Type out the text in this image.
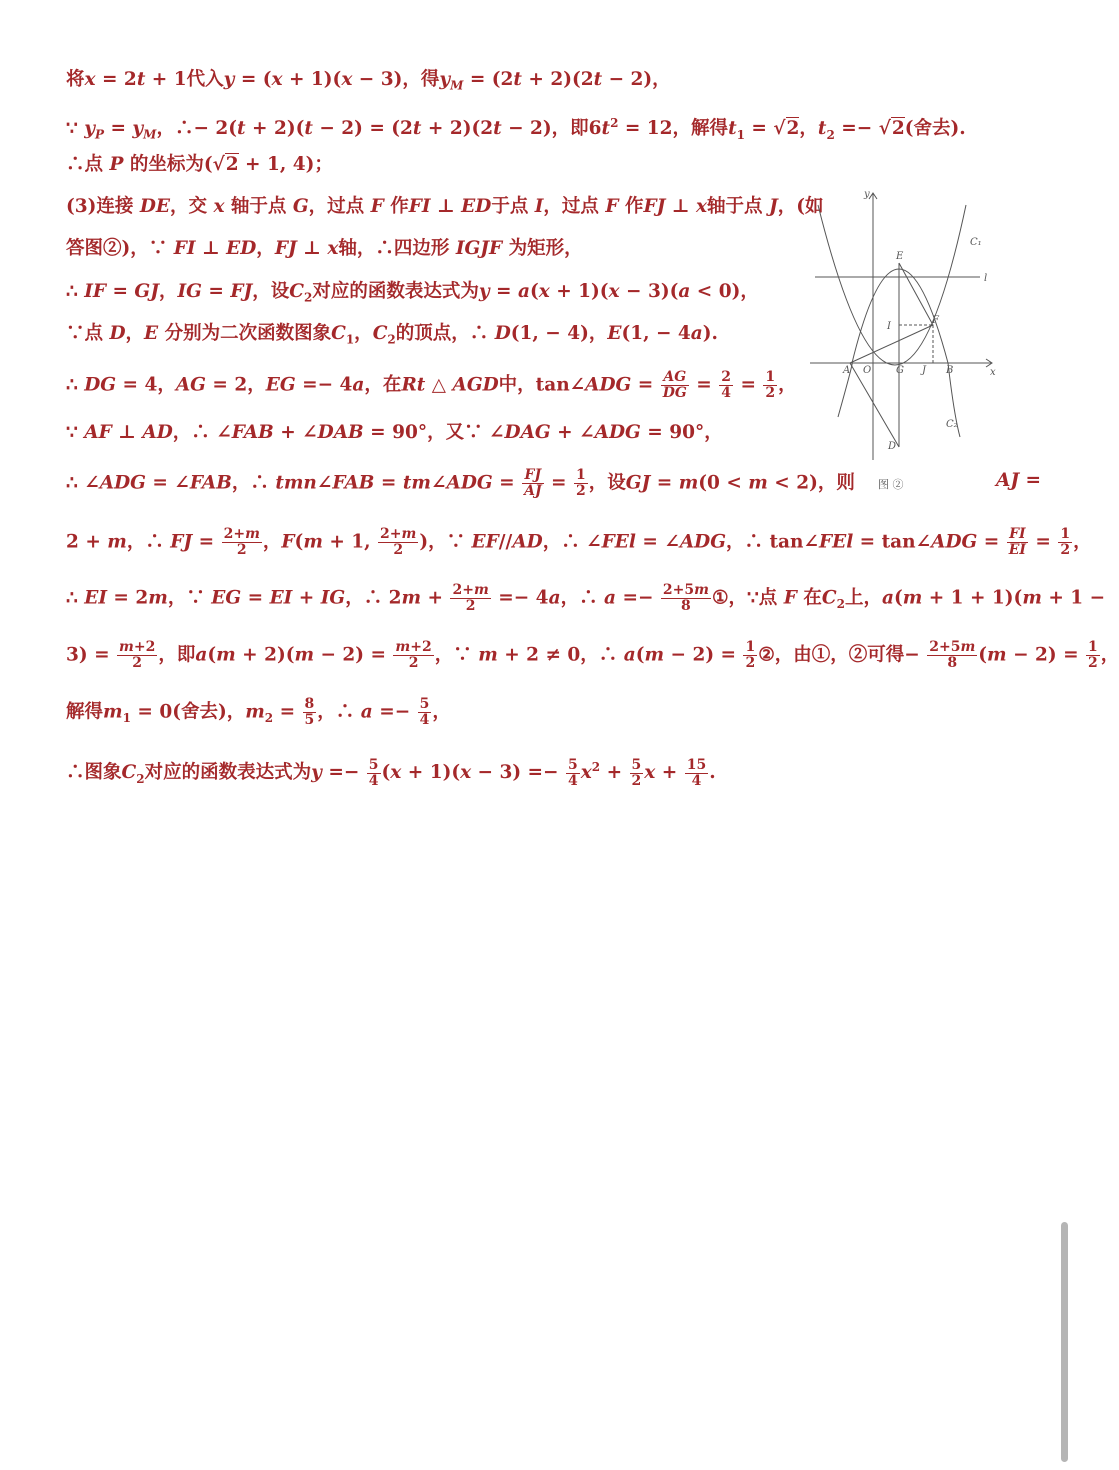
将x = 2t + 1代入y = (x + 1)(x − 3)，得$y_M = (2t + 2)(2t - 2)$，
∵ $y_P = y_M$，∴− 2(t + 2)(t − 2) = (2t + 2)(2t − 2)，即$6t^2 = 12$，解得$t_1 = √2$，$t_2 =- √2$(舍去).
∴点 P 的坐标为(√2 + 1, 4)；
(3)连接 DE，交 x 轴于点 G，过点 F 作FI ⊥ ED于点 I，过点 F 作FJ ⊥ x轴于点 J，(如
答图②)，∵ FI ⊥ ED，FJ ⊥ x轴，∴四边形 IGJF 为矩形，
∴ IF = GJ，IG = FJ，设$C_2$对应的函数表达式为y = a(x + 1)(x − 3)(a < 0)，
∵点 D，E 分别为二次函数图象$C_1$，$C_2$的顶点，∴ D(1, − 4)，E(1, − 4a).
∴ DG = 4，AG = 2，EG =− 4a，在Rt △ AGD中，tan∠ADG = $\frac{AG}{DG} = \frac{2}{4} = \frac{1}{2}$ ，
∵ AF ⊥ AD，∴ ∠FAB + ∠DAB = 90°，又∵ ∠DAG + ∠ADG = 90°，
∴ ∠ADG = ∠FAB，∴ tmn∠FAB = tm∠ADG = $\frac{FJ}{AJ} = \frac{1}{2}$ ，设GJ = m(0 < m < 2)，则	AJ =
2 + m，∴ FJ = $\frac{2+m}{2}$ ，F(m + 1, $\frac{2+m}{2}$ )，∵ EF//AD，∴ ∠FEl = ∠ADG，∴ tan∠FEl = tan∠ADG = $\frac{FI}{EI} = \frac{1}{2}$ ，
∴ EI = 2m，∵ EG = EI + IG，∴ $2m + \frac{2+m}{2} =- 4a$，∴ $a =- \frac{2+5m}{8}$ ①，∵点 F 在$C_2$上，a(m + 1 + 1)(m + 1 −
$3) = \frac{m+2}{2}$ ，即$a(m + 2)(m - 2) = \frac{m+2}{2}$ ，∵ m + 2 ≠ 0，∴ $a(m - 2) = \frac{1}{2}$ ②，由①，②可得− $\frac{2+5m}{8} (m - 2) = \frac{1}{2}$ ，
解得$m_1 = 0$(舍去)，$m_2 = \frac{8}{5}$ ，∴ $a =- \frac{5}{4}$ ，
∴图象$C_2$对应的函数表达式为$y =- \frac{5}{4} (x + 1)(x - 3) =- \frac{5}{4} x^2 + \frac{5}{2}$ $x + \frac{15}{4}$ .
y
x
C₁
C₂
l
E
I
F
A O G J B
D
图 ②
